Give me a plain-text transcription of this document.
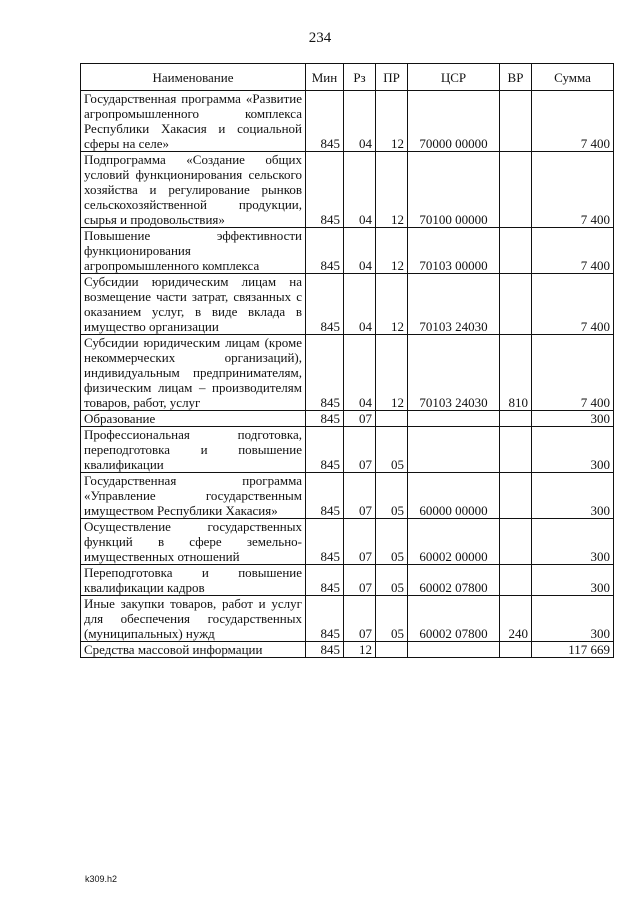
234
Наименование	Мин	Рз	ПР	ЦСР	ВР	Сумма
Государственная программа «Развитие агропромышленного комплекса Республики Хакасия и социальной сферы на селе»	845	04	12	70000 00000		7 400
Подпрограмма «Создание общих условий функционирования сельского хозяйства и регулирование рынков сельскохозяйственной продукции, сырья и продовольствия»	845	04	12	70100 00000		7 400
Повышение эффективности функционирования агропромышленного комплекса	845	04	12	70103 00000		7 400
Субсидии юридическим лицам на возмещение части затрат, связанных с оказанием услуг, в виде вклада в имущество организации	845	04	12	70103 24030		7 400
Субсидии юридическим лицам (кроме некоммерческих организаций), индивидуальным предпринимателям, физическим лицам – производителям товаров, работ, услуг	845	04	12	70103 24030	810	7 400
Образование	845	07				300
Профессиональная подготовка, переподготовка и повышение квалификации	845	07	05			300
Государственная программа «Управление государственным имуществом Республики Хакасия»	845	07	05	60000 00000		300
Осуществление государственных функций в сфере земельно-имущественных отношений	845	07	05	60002 00000		300
Переподготовка и повышение квалификации кадров	845	07	05	60002 07800		300
Иные закупки товаров, работ и услуг для обеспечения государственных (муниципальных) нужд	845	07	05	60002 07800	240	300
Средства массовой информации	845	12				117 669
k309.h2
